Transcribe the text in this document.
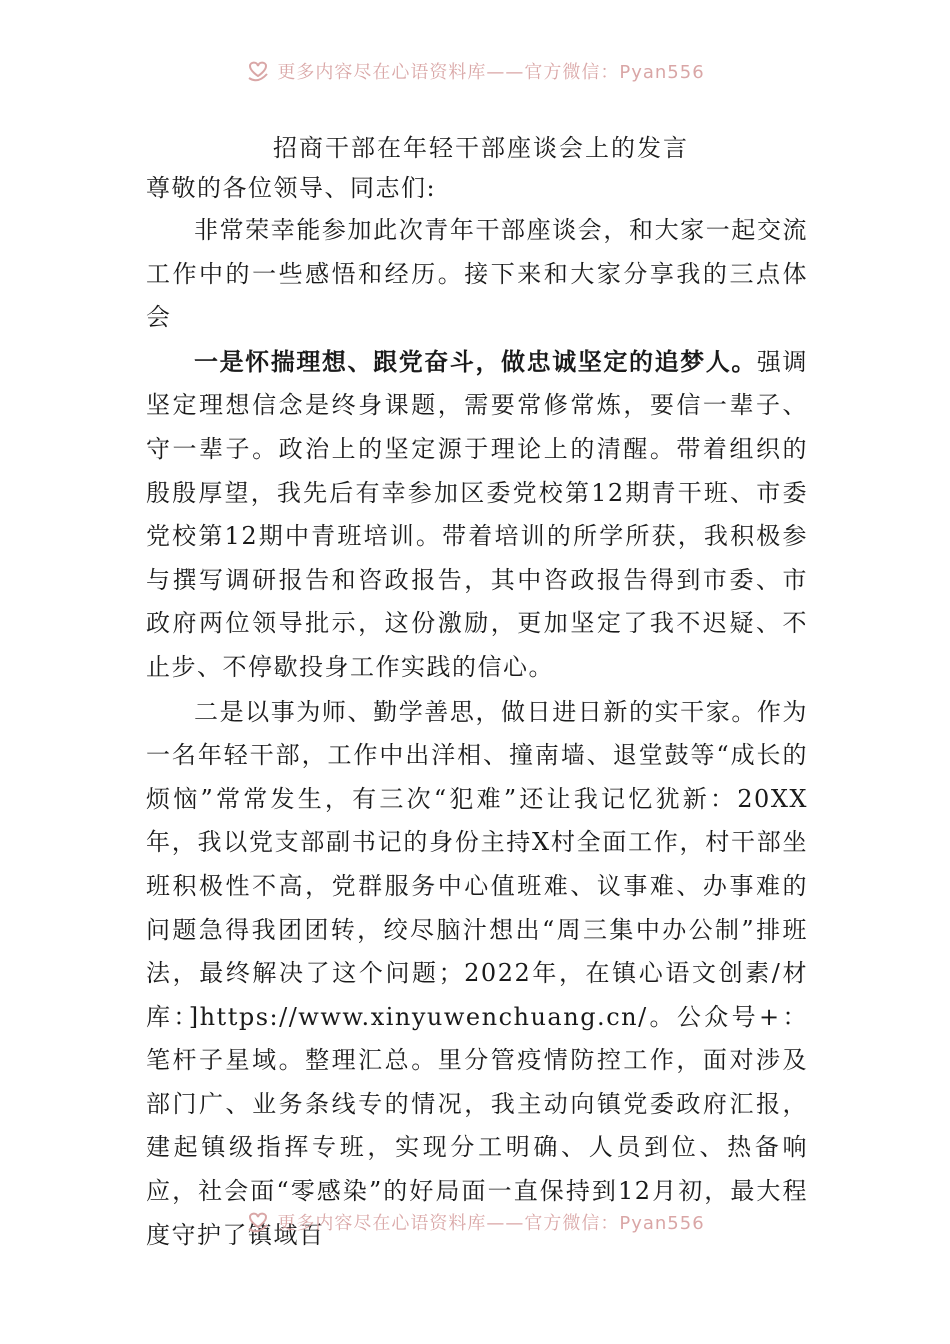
更多内容尽在心语资料库——官方微信：Pyan556
招商干部在年轻干部座谈会上的发言

尊敬的各位领导、同志们:

非常荣幸能参加此次青年干部座谈会，和大家一起交流工作中的一些感悟和经历。接下来和大家分享我的三点体会

一是怀揣理想、跟党奋斗，做忠诚坚定的追梦人。强调坚定理想信念是终身课题，需要常修常炼，要信一辈子、守一辈子。政治上的坚定源于理论上的清醒。带着组织的殷殷厚望，我先后有幸参加区委党校第12期青干班、市委党校第12期中青班培训。带着培训的所学所获，我积极参与撰写调研报告和咨政报告，其中咨政报告得到市委、市政府两位领导批示，这份激励，更加坚定了我不迟疑、不止步、不停歇投身工作实践的信心。

二是以事为师、勤学善思，做日进日新的实干家。作为一名年轻干部，工作中出洋相、撞南墙、退堂鼓等“成长的烦恼”常常发生，有三次“犯难”还让我记忆犹新：20XX年，我以党支部副书记的身份主持X村全面工作，村干部坐班积极性不高，党群服务中心值班难、议事难、办事难的问题急得我团团转，绞尽脑汁想出“周三集中办公制”排班法，最终解决了这个问题；2022年，在镇心语文创素/材库：]https://www.xinyuwenchuang.cn/。公众号+：笔杆子星域。整理汇总。里分管疫情防控工作，面对涉及部门广、业务条线专的情况，我主动向镇党委政府汇报，建起镇级指挥专班，实现分工明确、人员到位、热备响应，社会面“零感染”的好局面一直保持到12月初，最大程度守护了镇域百

更多内容尽在心语资料库——官方微信：Pyan556
